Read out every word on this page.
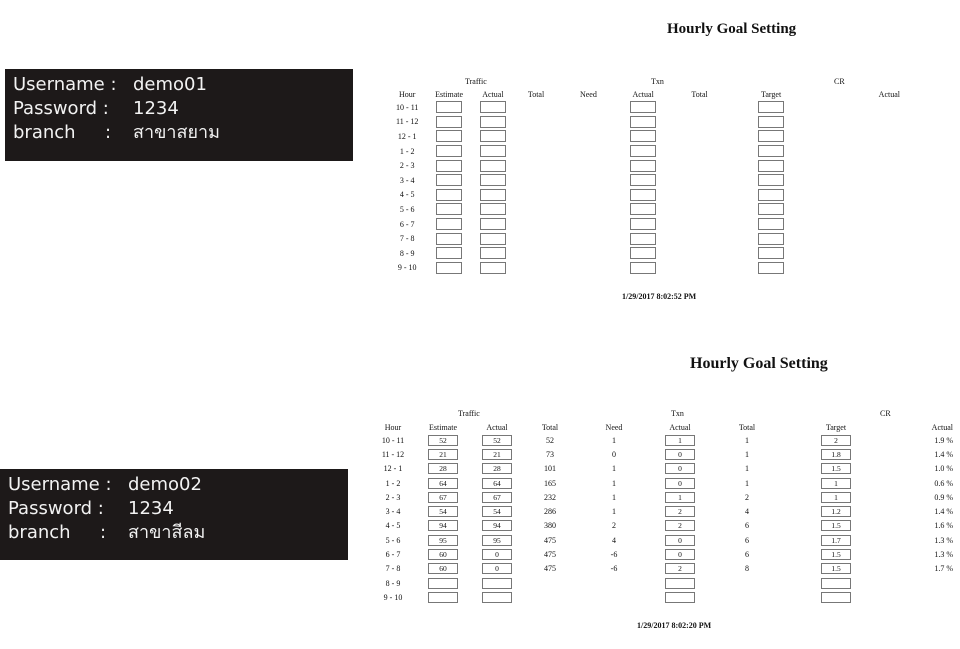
Username : demo01
Password : 1234
branch	:	สาขาสยาม
Username : demo02
Password : 1234
branch	:	สาขาสีลม
Hourly Goal Setting
Traffic	Txn	CR
Hour	Estimate	Actual	Total	Need	Actual	Total	Target	Actual
10 - 11								
11 - 12								
12 - 1								
1 - 2								
2 - 3								
3 - 4								
4 - 5								
5 - 6								
6 - 7								
7 - 8								
8 - 9								
9 - 10								
1/29/2017 8:02:52 PM
Hourly Goal Setting
Traffic	Txn	CR
Hour	Estimate	Actual	Total	Need	Actual	Total	Target	Actual
10 - 11	52	52	52	1	1	1	2	1.9 %
11 - 12	21	21	73	0	0	1	1.8	1.4 %
12 - 1	28	28	101	1	0	1	1.5	1.0 %
1 - 2	64	64	165	1	0	1	1	0.6 %
2 - 3	67	67	232	1	1	2	1	0.9 %
3 - 4	54	54	286	1	2	4	1.2	1.4 %
4 - 5	94	94	380	2	2	6	1.5	1.6 %
5 - 6	95	95	475	4	0	6	1.7	1.3 %
6 - 7	60	0	475	-6	0	6	1.5	1.3 %
7 - 8	60	0	475	-6	2	8	1.5	1.7 %
8 - 9								
9 - 10								
1/29/2017 8:02:20 PM
